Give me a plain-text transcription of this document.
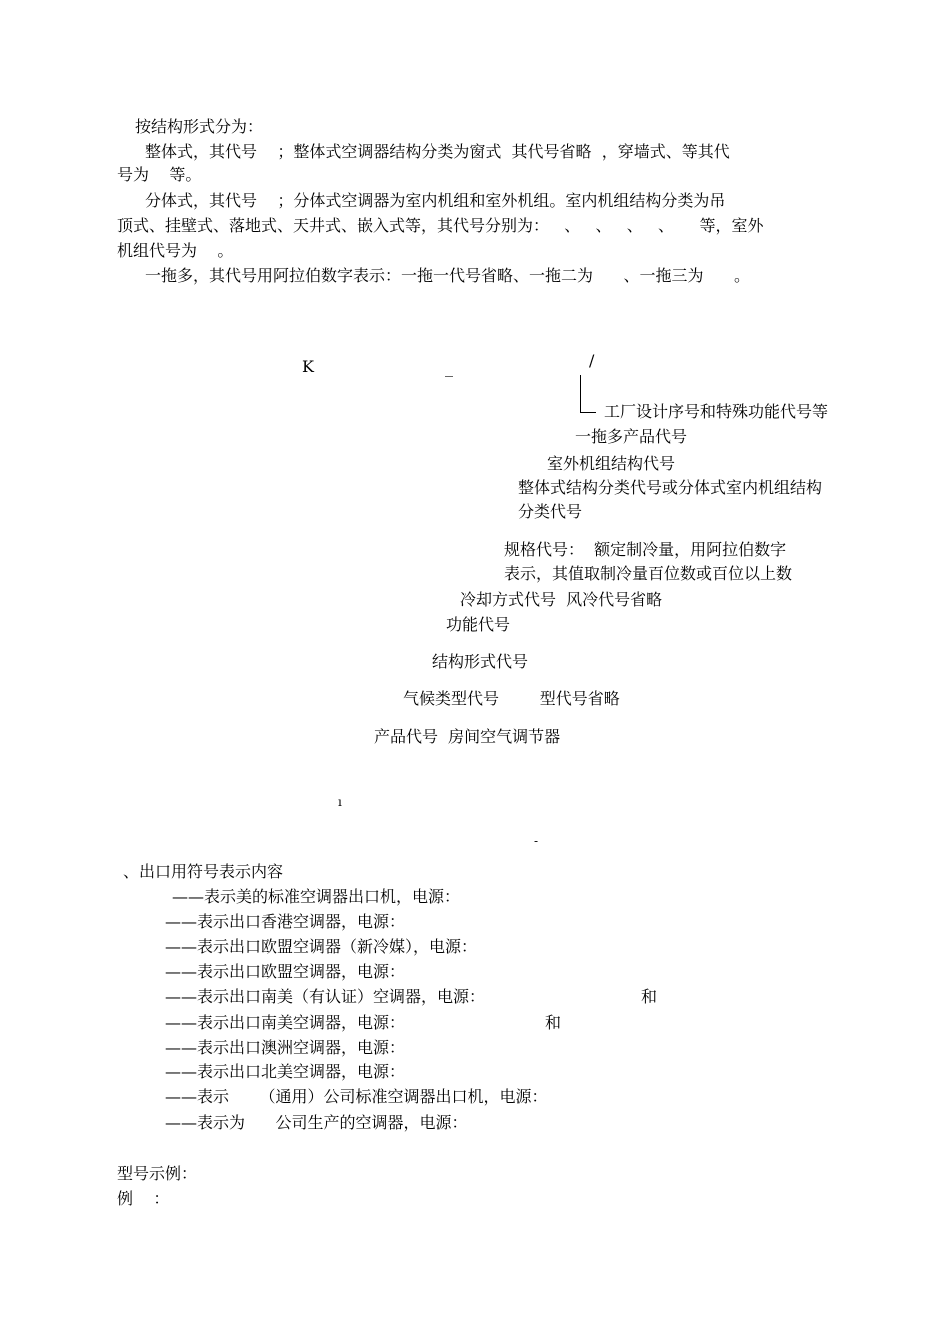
按结构形式分为：
整体式，其代号    ；整体式空调器结构分类为窗式  其代号省略  ，穿墙式、等其代
号为    等。
分体式，其代号    ；分体式空调器为室内机组和室外机组。室内机组结构分类为吊
顶式、挂壁式、落地式、天井式、嵌入式等，其代号分别为：   、   、   、   、     等，室外
机组代号为    。
一拖多，其代号用阿拉伯数字表示：一拖一代号省略、一拖二为      、一拖三为      。
K	_	/
工厂设计序号和特殊功能代号等
一拖多产品代号
室外机组结构代号
整体式结构分类代号或分体式室内机组结构
分类代号
规格代号：  额定制冷量，用阿拉伯数字
表示，其值取制冷量百位数或百位以上数
冷却方式代号  风冷代号省略
功能代号
结构形式代号
气候类型代号        型代号省略
产品代号  房间空气调节器
ı
-
、出口用符号表示内容
——表示美的标准空调器出口机，电源：
——表示出口香港空调器，电源：
——表示出口欧盟空调器（新冷媒），电源：
——表示出口欧盟空调器，电源：
——表示出口南美（有认证）空调器，电源：	和
——表示出口南美空调器，电源：	和
——表示出口澳洲空调器，电源：
——表示出口北美空调器，电源：
——表示      （通用）公司标准空调器出口机，电源：
——表示为      公司生产的空调器，电源：
型号示例：
例    ：
